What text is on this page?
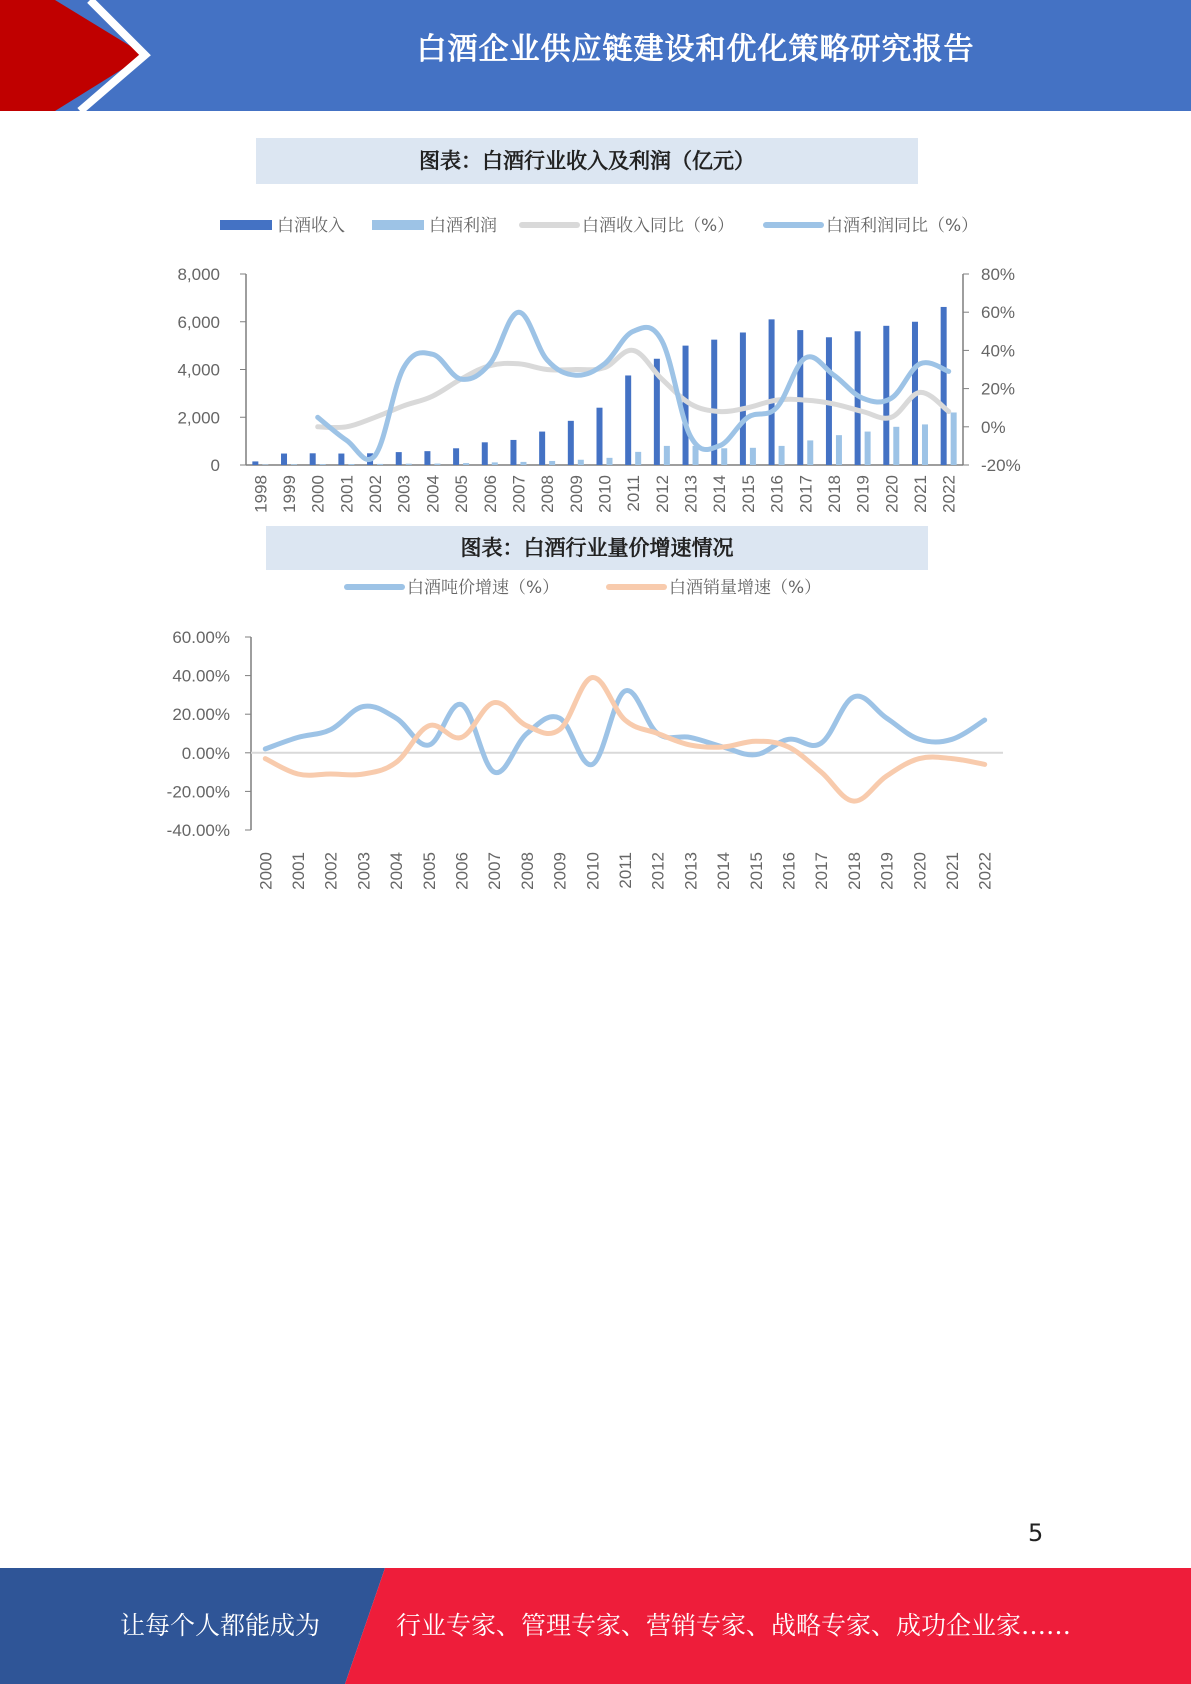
白酒企业供应链建设和优化策略研究报告
图表：白酒行业收入及利润（亿元）
白酒收入	白酒利润	白酒收入同比（%）	白酒利润同比（%）
8,000
6,000
4,000
2,000
0
80%
60%
40%
20%
0%
-20%
1998 1999 2000 2001 2002 2003 2004 2005 2006 2007 2008 2009 2010 2011 2012 2013 2014 2015 2016 2017 2018 2019 2020 2021 2022
图表：白酒行业量价增速情况
白酒吨价增速（%）	白酒销量增速（%）
60.00%
40.00%
20.00%
0.00%
-20.00%
-40.00%
2000 2001 2002 2003 2004 2005 2006 2007 2008 2009 2010 2011 2012 2013 2014 2015 2016 2017 2018 2019 2020 2021 2022
5
让每个人都能成为	行业专家、管理专家、营销专家、战略专家、成功企业家……
